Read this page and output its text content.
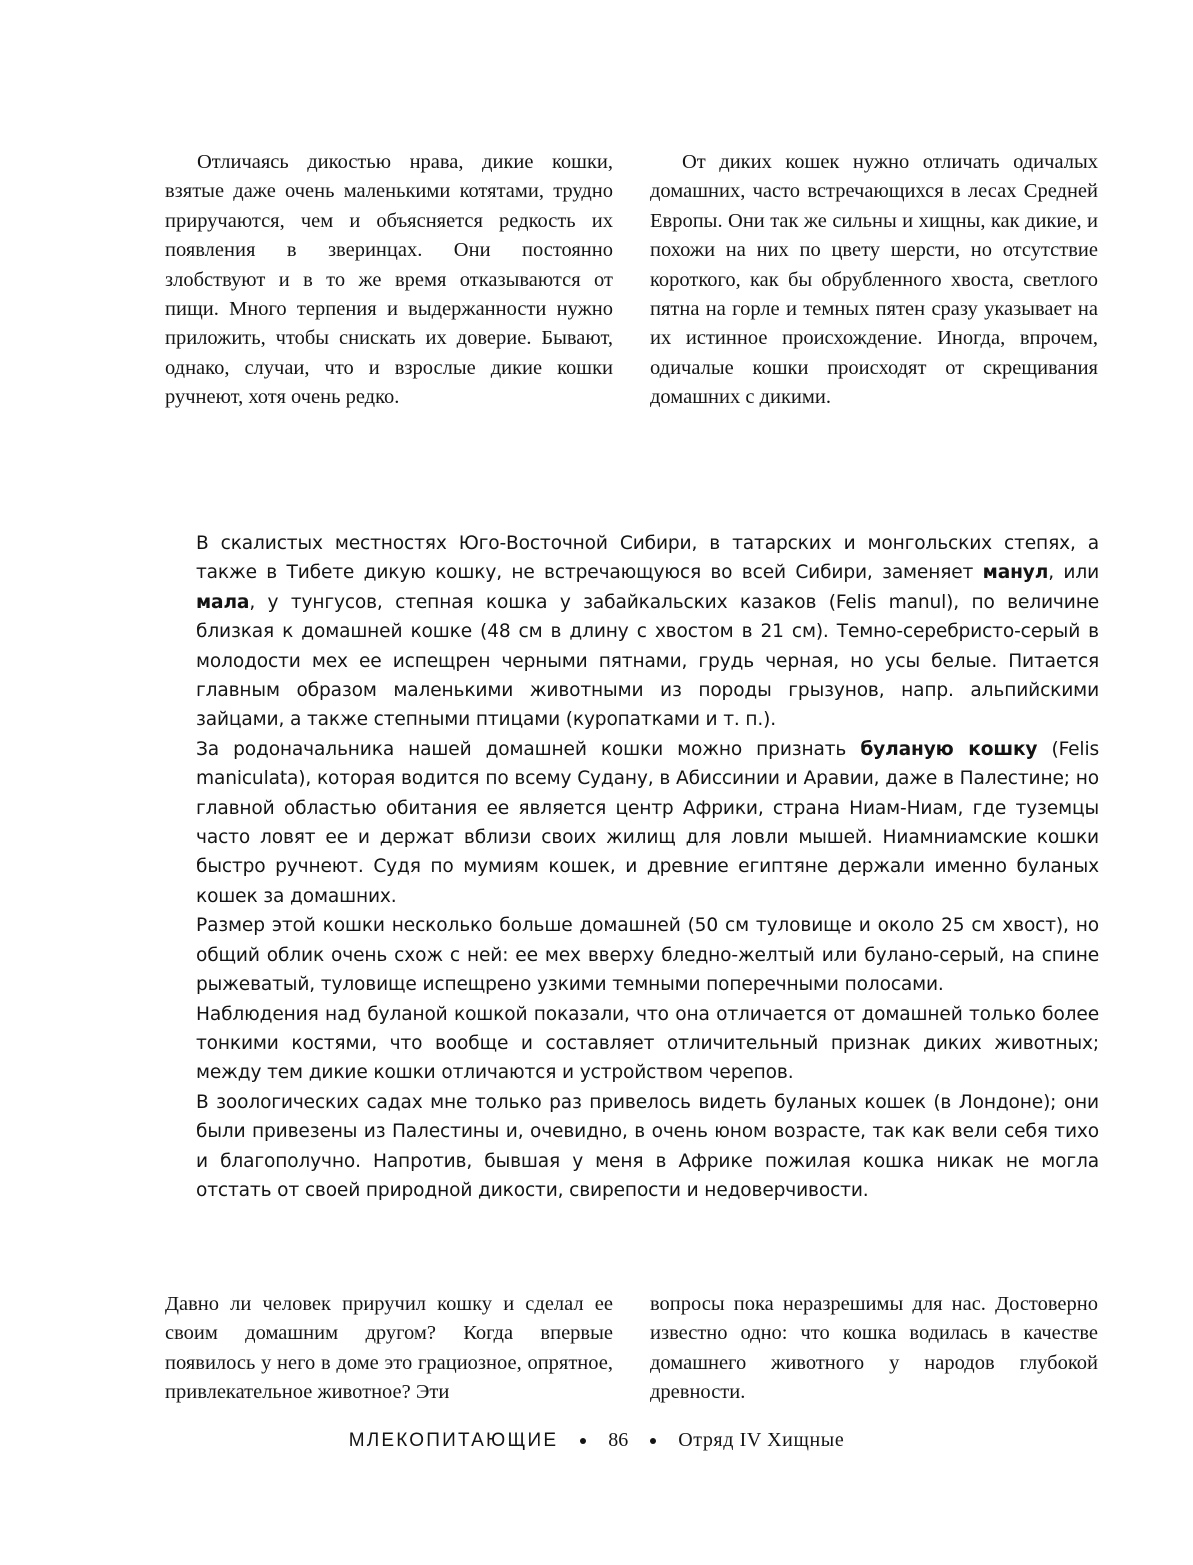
Отличаясь дикостью нрава, дикие кошки, взятые даже очень маленькими котятами, трудно приручаются, чем и объясняется редкость их появления в зверинцах. Они постоянно злобствуют и в то же время отказываются от пищи. Много терпения и выдержанности нужно приложить, чтобы снискать их доверие. Бывают, однако, случаи, что и взрослые дикие кошки ручнеют, хотя очень редко.

От диких кошек нужно отличать одичалых домашних, часто встречающихся в лесах Средней Европы. Они так же сильны и хищны, как дикие, и похожи на них по цвету шерсти, но отсутствие короткого, как бы обрубленного хвоста, светлого пятна на горле и темных пятен сразу указывает на их истинное происхождение. Иногда, впрочем, одичалые кошки происходят от скрещивания домашних с дикими.

В скалистых местностях Юго-Восточной Сибири, в татарских и монгольских степях, а также в Тибете дикую кошку, не встречающуюся во всей Сибири, заменяет манул, или мала, у тунгусов, степная кошка у забайкальских казаков (Felis manul), по величине близкая к домашней кошке (48 см в длину с хвостом в 21 см). Темно-серебристо-серый в молодости мех ее испещрен черными пятнами, грудь черная, но усы белые. Питается главным образом маленькими животными из породы грызунов, напр. альпийскими зайцами, а также степными птицами (куропатками и т. п.).

За родоначальника нашей домашней кошки можно признать буланую кошку (Felis maniculata), которая водится по всему Судану, в Абиссинии и Аравии, даже в Палестине; но главной областью обитания ее является центр Африки, страна Ниам-Ниам, где туземцы часто ловят ее и держат вблизи своих жилищ для ловли мышей. Ниамниамские кошки быстро ручнеют. Судя по мумиям кошек, и древние египтяне держали именно буланых кошек за домашних.

Размер этой кошки несколько больше домашней (50 см туловище и около 25 см хвост), но общий облик очень схож с ней: ее мех вверху бледно-желтый или булано-серый, на спине рыжеватый, туловище испещрено узкими темными поперечными полосами.

Наблюдения над буланой кошкой показали, что она отличается от домашней только более тонкими костями, что вообще и составляет отличительный признак диких животных; между тем дикие кошки отличаются и устройством черепов.

В зоологических садах мне только раз привелось видеть буланых кошек (в Лондоне); они были привезены из Палестины и, очевидно, в очень юном возрасте, так как вели себя тихо и благополучно. Напротив, бывшая у меня в Африке пожилая кошка никак не могла отстать от своей природной дикости, свирепости и недоверчивости.

Давно ли человек приручил кошку и сделал ее своим домашним другом? Когда впервые появилось у него в доме это грациозное, опрятное, привлекательное животное? Эти

вопросы пока неразрешимы для нас. Достоверно известно одно: что кошка водилась в качестве домашнего животного у народов глубокой древности.

МЛЕКОПИТАЮЩИЕ	86	Отряд IV Хищные
